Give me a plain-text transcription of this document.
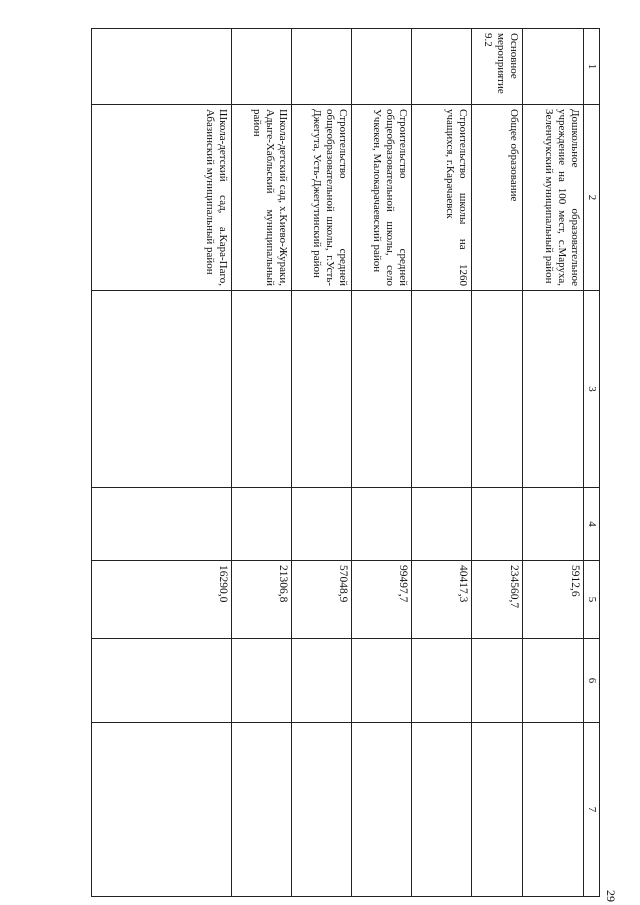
29
1	2	3	4	5	6	7
	Дошкольное образовательное учреждение на 100 мест, с.Маруха, Зеленчукский муниципальный район			5912,6		
Основное мероприятие 9.2	Общее образование			234560,7		
	Строительство школы на 1260 учащихся, г.Карачаевск			40417,3		
	Строительство средней общеобразовательной школы, село Учкекен, Малокарачаевский район			99497,7		
	Строительство средней общеобразовательной школы, г.Усть-Джегута, Усть-Джегутинский район			57048,9		
	Школа-детский сад, х.Киево-Жураки, Адыге-Хабльский муниципальный район			21306,8		
	Школа-детский сад, а.Кара-Паго, Абазинский муниципальный район			16290,0		
